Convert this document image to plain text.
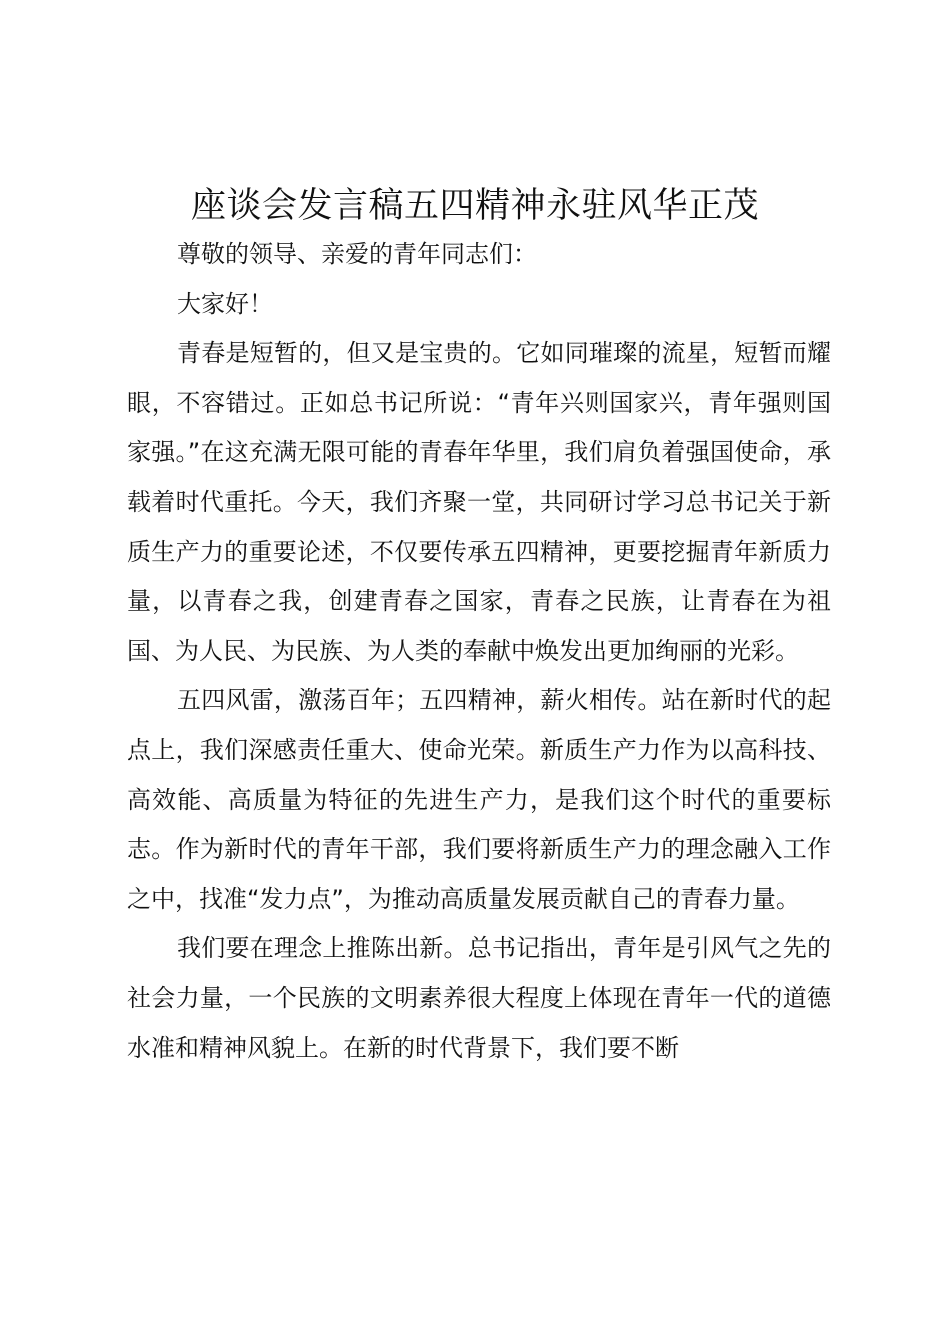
座谈会发言稿五四精神永驻风华正茂

尊敬的领导、亲爱的青年同志们：

大家好！

青春是短暂的，但又是宝贵的。它如同璀璨的流星，短暂而耀眼，不容错过。正如总书记所说：“青年兴则国家兴，青年强则国家强。”在这充满无限可能的青春年华里，我们肩负着强国使命，承载着时代重托。今天，我们齐聚一堂，共同研讨学习总书记关于新质生产力的重要论述，不仅要传承五四精神，更要挖掘青年新质力量，以青春之我，创建青春之国家，青春之民族，让青春在为祖国、为人民、为民族、为人类的奉献中焕发出更加绚丽的光彩。

五四风雷，激荡百年；五四精神，薪火相传。站在新时代的起点上，我们深感责任重大、使命光荣。新质生产力作为以高科技、高效能、高质量为特征的先进生产力，是我们这个时代的重要标志。作为新时代的青年干部，我们要将新质生产力的理念融入工作之中，找准“发力点”，为推动高质量发展贡献自己的青春力量。

我们要在理念上推陈出新。总书记指出，青年是引风气之先的社会力量，一个民族的文明素养很大程度上体现在青年一代的道德水准和精神风貌上。在新的时代背景下，我们要不断
